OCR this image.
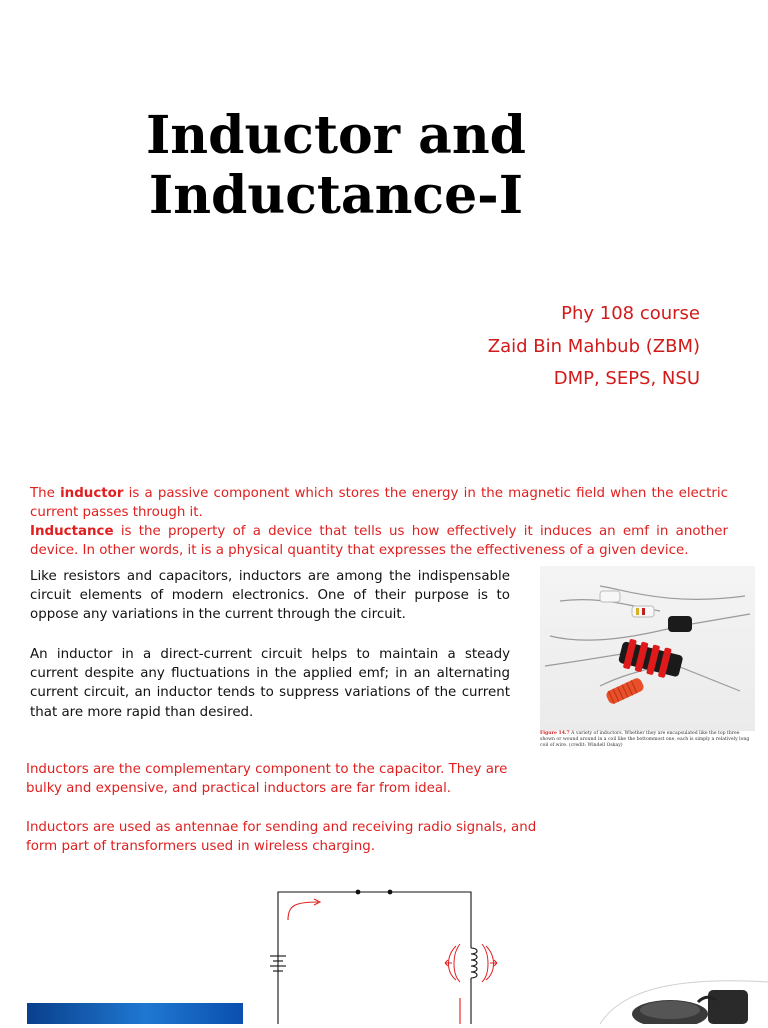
Inductor and
Inductance-I
Phy 108 course
Zaid Bin Mahbub (ZBM)
DMP, SEPS, NSU
The inductor is a passive component which stores the energy in the magnetic field when the electric current passes through it.
Inductance is the property of a device that tells us how effectively it induces an emf in another device. In other words, it is a physical quantity that expresses the effectiveness of a given device.
Like resistors and capacitors, inductors are among the indispensable circuit elements of modern electronics. One of their purpose is to oppose any variations in the current through the circuit.
An inductor in a direct-current circuit helps to maintain a steady current despite any fluctuations in the applied emf; in an alternating current circuit, an inductor tends to suppress variations of the current that are more rapid than desired.
Figure 14.7 A variety of inductors. Whether they are encapsulated like the top three shown or wound around in a coil like the bottommost one, each is simply a relatively long coil of wire. (credit: Windell Oskay)
Inductors are the complementary component to the capacitor. They are bulky and expensive, and practical inductors are far from ideal.
Inductors are used as antennae for sending and receiving radio signals, and form part of transformers used in wireless charging.
